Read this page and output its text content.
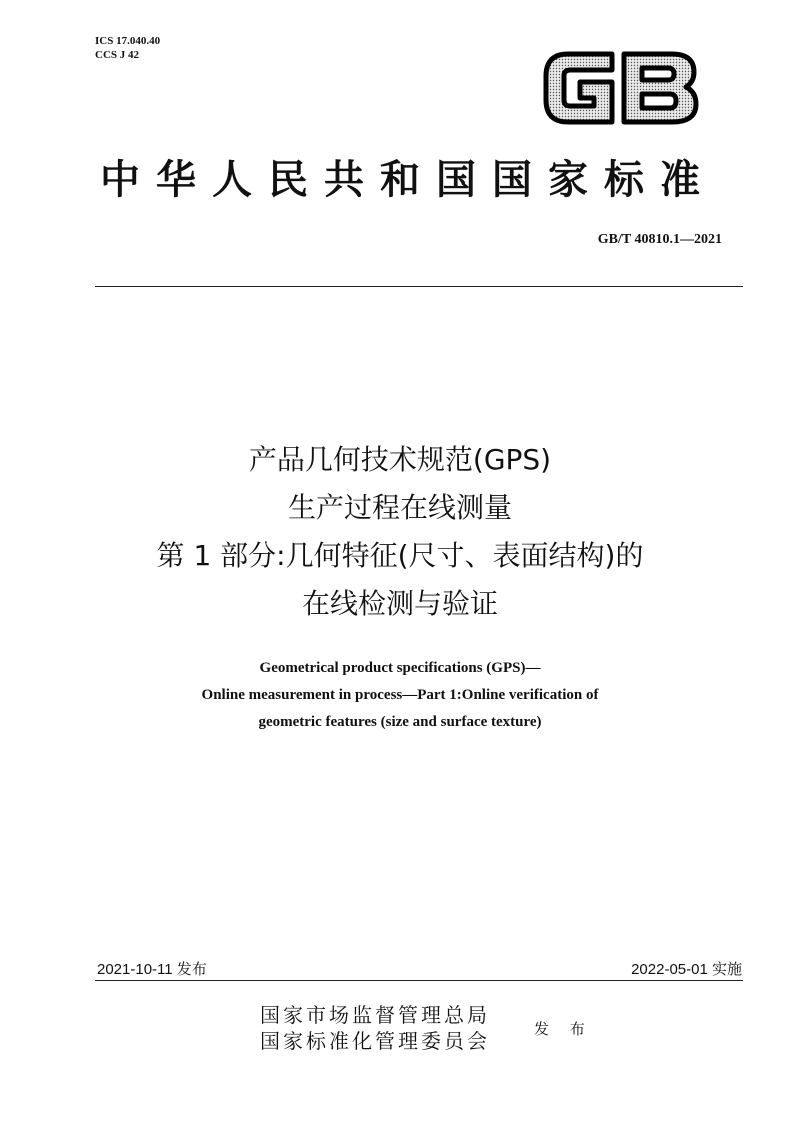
ICS 17.040.40
CCS J 42
中华人民共和国国家标准
GB/T 40810.1—2021
产品几何技术规范(GPS)
生产过程在线测量
第 1 部分:几何特征(尺寸、表面结构)的
在线检测与验证
Geometrical product specifications (GPS)—
Online measurement in process—Part 1:Online verification of
geometric features (size and surface texture)
2021-10-11 发布	2022-05-01 实施
国家市场监督管理总局
国家标准化管理委员会	发 布
